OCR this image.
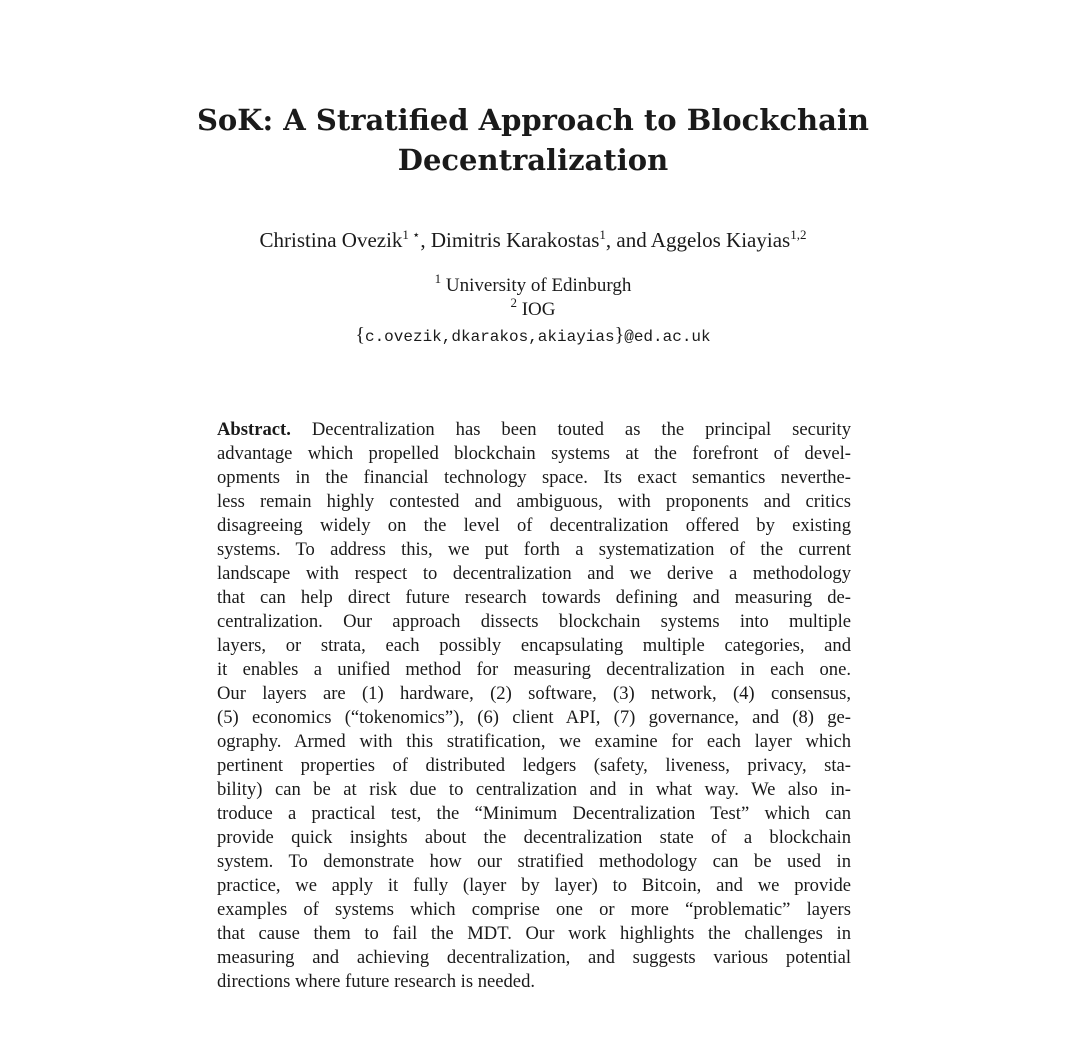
SoK: A Stratified Approach to Blockchain
Decentralization
Christina Ovezik$^1$ ⋆, Dimitris Karakostas$^1$, and Aggelos Kiayias$^{1,2}$
$^1$ University of Edinburgh
$^2$ IOG
{c.ovezik,dkarakos,akiayias}@ed.ac.uk
Abstract. Decentralization has been touted as the principal security
advantage which propelled blockchain systems at the forefront of devel-
opments in the financial technology space. Its exact semantics neverthe-
less remain highly contested and ambiguous, with proponents and critics
disagreeing widely on the level of decentralization offered by existing
systems. To address this, we put forth a systematization of the current
landscape with respect to decentralization and we derive a methodology
that can help direct future research towards defining and measuring de-
centralization. Our approach dissects blockchain systems into multiple
layers, or strata, each possibly encapsulating multiple categories, and
it enables a unified method for measuring decentralization in each one.
Our layers are (1) hardware, (2) software, (3) network, (4) consensus,
(5) economics (“tokenomics”), (6) client API, (7) governance, and (8) ge-
ography. Armed with this stratification, we examine for each layer which
pertinent properties of distributed ledgers (safety, liveness, privacy, sta-
bility) can be at risk due to centralization and in what way. We also in-
troduce a practical test, the “Minimum Decentralization Test” which can
provide quick insights about the decentralization state of a blockchain
system. To demonstrate how our stratified methodology can be used in
practice, we apply it fully (layer by layer) to Bitcoin, and we provide
examples of systems which comprise one or more “problematic” layers
that cause them to fail the MDT. Our work highlights the challenges in
measuring and achieving decentralization, and suggests various potential
directions where future research is needed.
